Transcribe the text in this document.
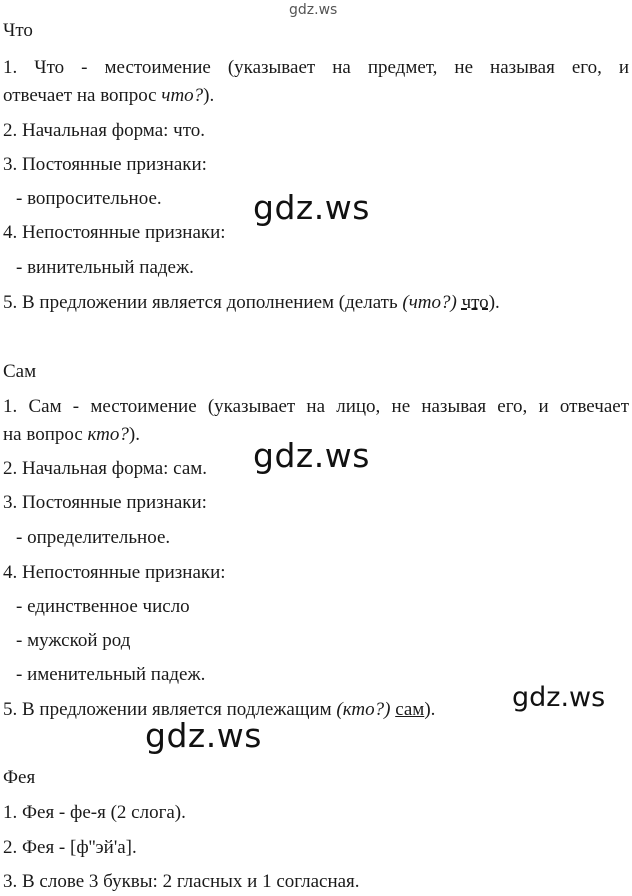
gdz.ws
gdz.ws
gdz.ws
gdz.ws
gdz.ws
Что
1. Что - местоимение (указывает на предмет, не называя его, и
отвечает на вопрос что?).
2. Начальная форма: что.
3. Постоянные признаки:
- вопросительное.
4. Непостоянные признаки:
- винительный падеж.
5. В предложении является дополнением (делать (что?) что).
Сам
1. Сам - местоимение (указывает на лицо, не называя его, и отвечает
на вопрос кто?).
2. Начальная форма: сам.
3. Постоянные признаки:
- определительное.
4. Непостоянные признаки:
- единственное число
- мужской род
- именительный падеж.
5. В предложении является подлежащим (кто?) сам).
Фея
1. Фея - фе-я (2 слога).
2. Фея - [ф''эй'а].
3. В слове 3 буквы: 2 гласных и 1 согласная.
